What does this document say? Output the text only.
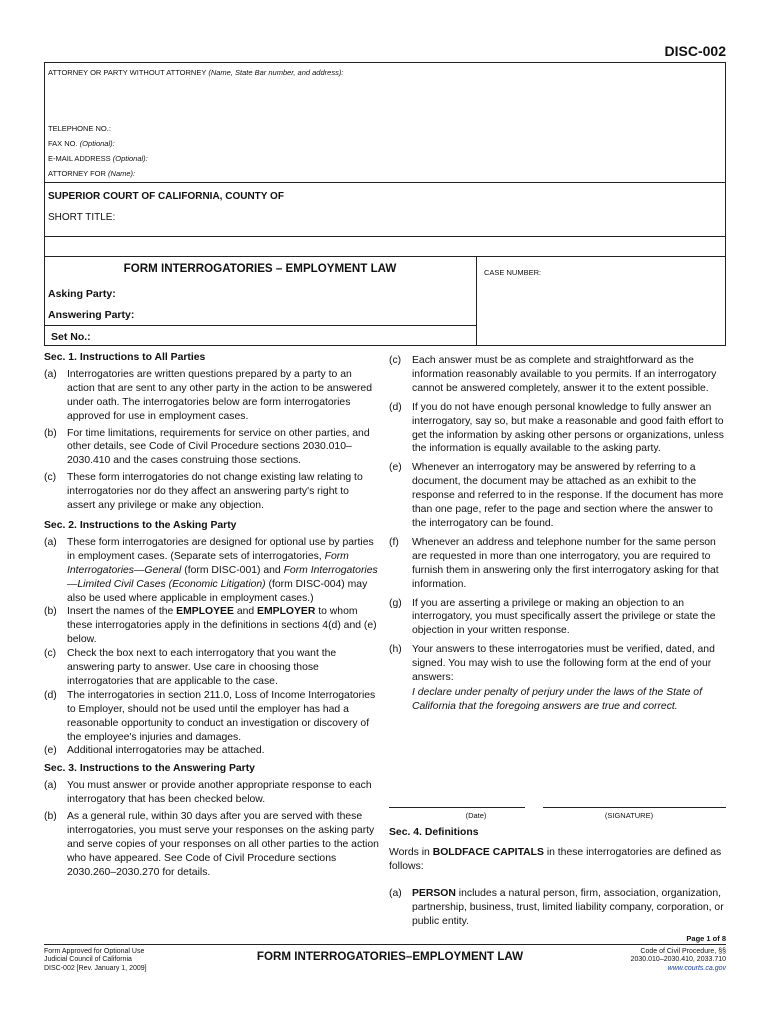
DISC-002
ATTORNEY OR PARTY WITHOUT ATTORNEY (Name, State Bar number, and address):
TELEPHONE NO.:
FAX NO. (Optional):
E-MAIL ADDRESS (Optional):
ATTORNEY FOR (Name):
SUPERIOR COURT OF CALIFORNIA, COUNTY OF
SHORT TITLE:
FORM INTERROGATORIES – EMPLOYMENT LAW	CASE NUMBER:
Asking Party:
Answering Party:
Set No.:

Sec. 1. Instructions to All Parties

(a) Interrogatories are written questions prepared by a party to an action that are sent to any other party in the action to be answered under oath. The interrogatories below are form interrogatories approved for use in employment cases.

(b) For time limitations, requirements for service on other parties, and other details, see Code of Civil Procedure sections 2030.010–2030.410 and the cases construing those sections.

(c) These form interrogatories do not change existing law relating to interrogatories nor do they affect an answering party's right to assert any privilege or make any objection.

Sec. 2. Instructions to the Asking Party

(a) These form interrogatories are designed for optional use by parties in employment cases. (Separate sets of interrogatories, Form Interrogatories—General (form DISC-001) and Form Interrogatories—Limited Civil Cases (Economic Litigation) (form DISC-004) may also be used where applicable in employment cases.)

(b) Insert the names of the EMPLOYEE and EMPLOYER to whom these interrogatories apply in the definitions in sections 4(d) and (e) below.

(c) Check the box next to each interrogatory that you want the answering party to answer. Use care in choosing those interrogatories that are applicable to the case.

(d) The interrogatories in section 211.0, Loss of Income Interrogatories to Employer, should not be used until the employer has had a reasonable opportunity to conduct an investigation or discovery of the employee's injuries and damages.

(e) Additional interrogatories may be attached.

Sec. 3. Instructions to the Answering Party

(a) You must answer or provide another appropriate response to each interrogatory that has been checked below.

(b) As a general rule, within 30 days after you are served with these interrogatories, you must serve your responses on the asking party and serve copies of your responses on all other parties to the action who have appeared. See Code of Civil Procedure sections 2030.260–2030.270 for details.

(c) Each answer must be as complete and straightforward as the information reasonably available to you permits. If an interrogatory cannot be answered completely, answer it to the extent possible.

(d) If you do not have enough personal knowledge to fully answer an interrogatory, say so, but make a reasonable and good faith effort to get the information by asking other persons or organizations, unless the information is equally available to the asking party.

(e) Whenever an interrogatory may be answered by referring to a document, the document may be attached as an exhibit to the response and referred to in the response. If the document has more than one page, refer to the page and section where the answer to the interrogatory can be found.

(f) Whenever an address and telephone number for the same person are requested in more than one interrogatory, you are required to furnish them in answering only the first interrogatory asking for that information.

(g) If you are asserting a privilege or making an objection to an interrogatory, you must specifically assert the privilege or state the objection in your written response.

(h) Your answers to these interrogatories must be verified, dated, and signed. You may wish to use the following form at the end of your answers:

I declare under penalty of perjury under the laws of the State of California that the foregoing answers are true and correct.

(Date)	(SIGNATURE)

Sec. 4. Definitions

Words in BOLDFACE CAPITALS in these interrogatories are defined as follows:

(a) PERSON includes a natural person, firm, association, organization, partnership, business, trust, limited liability company, corporation, or public entity.

Page 1 of 8
Form Approved for Optional Use
Judicial Council of California
DISC-002 [Rev. January 1, 2009]
FORM INTERROGATORIES–EMPLOYMENT LAW	Code of Civil Procedure, §§
2030.010–2030.410, 2033.710
www.courts.ca.gov
